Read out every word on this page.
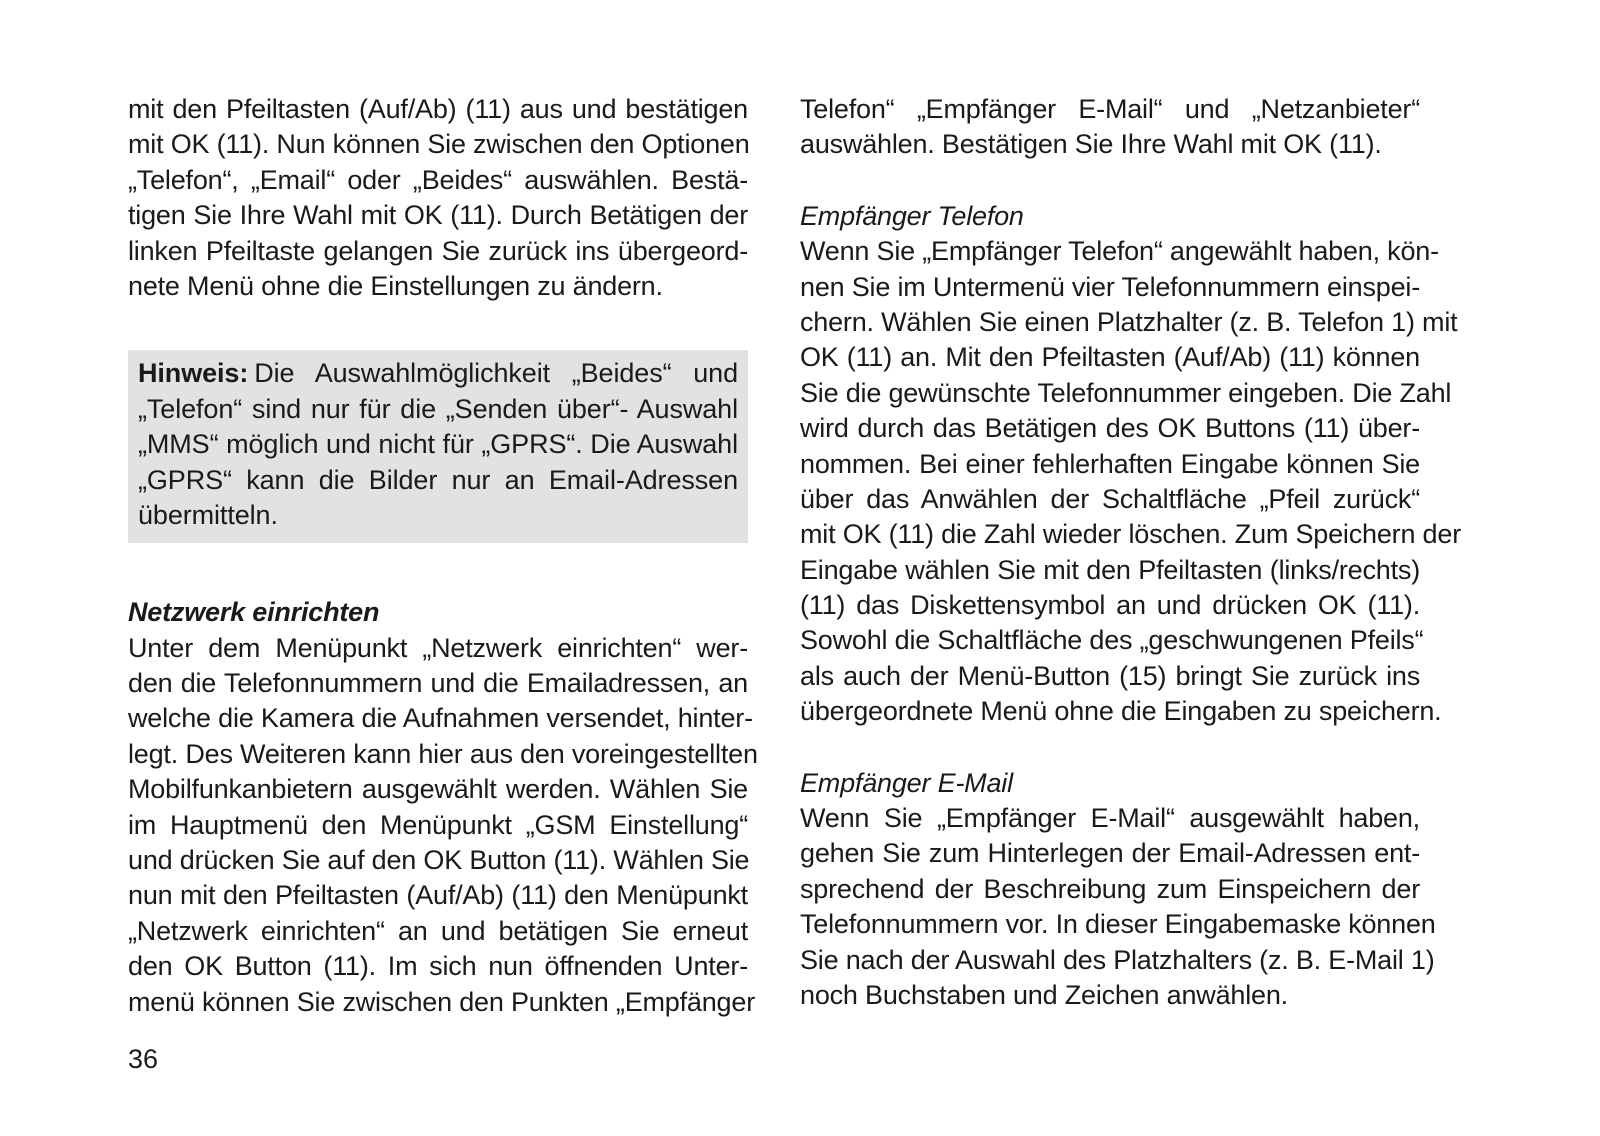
mit den Pfeiltasten (Auf/Ab) (11) aus und bestätigen
mit OK (11). Nun können Sie zwischen den Optionen
„Telefon“, „Email“ oder „Beides“ auswählen. Bestä-
tigen Sie Ihre Wahl mit OK (11). Durch Betätigen der
linken Pfeiltaste gelangen Sie zurück ins übergeord-
nete Menü ohne die Einstellungen zu ändern.
Hinweis: Die Auswahlmöglichkeit „Beides“ und
„Telefon“ sind nur für die „Senden über“- Auswahl
„MMS“ möglich und nicht für „GPRS“. Die Auswahl
„GPRS“ kann die Bilder nur an Email-Adressen
übermitteln.
Netzwerk einrichten
Unter dem Menüpunkt „Netzwerk einrichten“ wer-
den die Telefonnummern und die Emailadressen, an
welche die Kamera die Aufnahmen versendet, hinter-
legt. Des Weiteren kann hier aus den voreingestellten
Mobilfunkanbietern ausgewählt werden. Wählen Sie
im Hauptmenü den Menüpunkt „GSM Einstellung“
und drücken Sie auf den OK Button (11). Wählen Sie
nun mit den Pfeiltasten (Auf/Ab) (11) den Menüpunkt
„Netzwerk einrichten“ an und betätigen Sie erneut
den OK Button (11). Im sich nun öffnenden Unter-
menü können Sie zwischen den Punkten „Empfänger
Telefon“ „Empfänger E-Mail“ und „Netzanbieter“
auswählen. Bestätigen Sie Ihre Wahl mit OK (11).
Empfänger Telefon
Wenn Sie „Empfänger Telefon“ angewählt haben, kön-
nen Sie im Untermenü vier Telefonnummern einspei-
chern. Wählen Sie einen Platzhalter (z. B. Telefon 1) mit
OK (11) an. Mit den Pfeiltasten (Auf/Ab) (11) können
Sie die gewünschte Telefonnummer eingeben. Die Zahl
wird durch das Betätigen des OK Buttons (11) über-
nommen. Bei einer fehlerhaften Eingabe können Sie
über das Anwählen der Schaltfläche „Pfeil zurück“
mit OK (11) die Zahl wieder löschen. Zum Speichern der
Eingabe wählen Sie mit den Pfeiltasten (links/rechts)
(11) das Diskettensymbol an und drücken OK (11).
Sowohl die Schaltfläche des „geschwungenen Pfeils“
als auch der Menü-Button (15) bringt Sie zurück ins
übergeordnete Menü ohne die Eingaben zu speichern.
Empfänger E-Mail
Wenn Sie „Empfänger E-Mail“ ausgewählt haben,
gehen Sie zum Hinterlegen der Email-Adressen ent-
sprechend der Beschreibung zum Einspeichern der
Telefonnummern vor. In dieser Eingabemaske können
Sie nach der Auswahl des Platzhalters (z. B. E-Mail 1)
noch Buchstaben und Zeichen anwählen.
36
